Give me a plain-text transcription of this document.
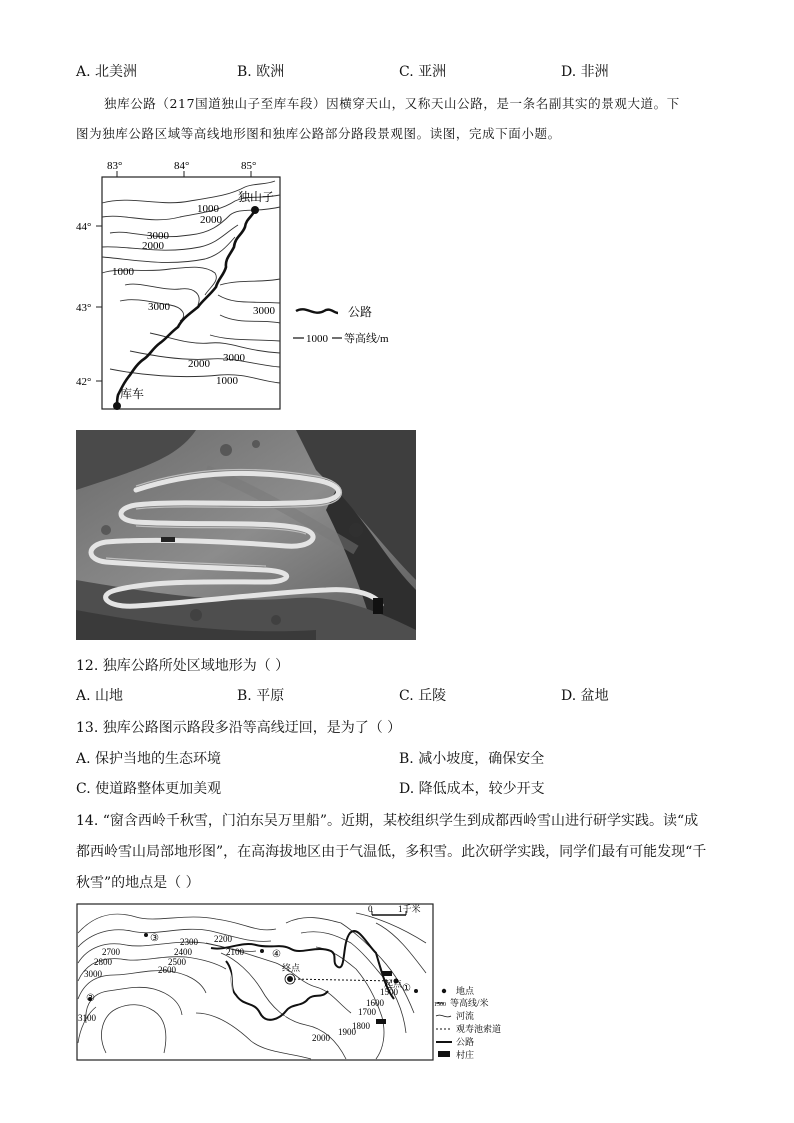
A. 北美洲	B. 欧洲	C. 亚洲	D. 非洲
独库公路（217国道独山子至库车段）因横穿天山，又称天山公路，是一条名副其实的景观大道。下
图为独库公路区域等高线地形图和独库公路部分路段景观图。读图，完成下面小题。
83°	84°	85°
44°
43°
42°
1000
2000
3000
2000
1000
3000	3000
3000
2000
1000
独山子
库车
公路
1000 等高线/m
12. 独库公路所处区域地形为（ ）
A. 山地	B. 平原	C. 丘陵	D. 盆地
13. 独库公路图示路段多沿等高线迂回，是为了（ ）
A. 保护当地的生态环境	B. 减小坡度，确保安全
C. 使道路整体更加美观	D. 降低成本，较少开支
14. “窗含西岭千秋雪，门泊东吴万里船”。近期，某校组织学生到成都西岭雪山进行研学实践。读“成
都西岭雪山局部地形图”，在高海拔地区由于气温低，多积雪。此次研学实践，同学们最有可能发现“千
秋雪”的地点是（ ）
0	1千米
2700
2800
3000	2600
2500
2400
2300 2200
2100
1500
1600
1700
1800
1900
2000
3100
①
②
③
④
终点
起点
地点
1500 等高线/米
河流
观寿池索道
公路
村庄
